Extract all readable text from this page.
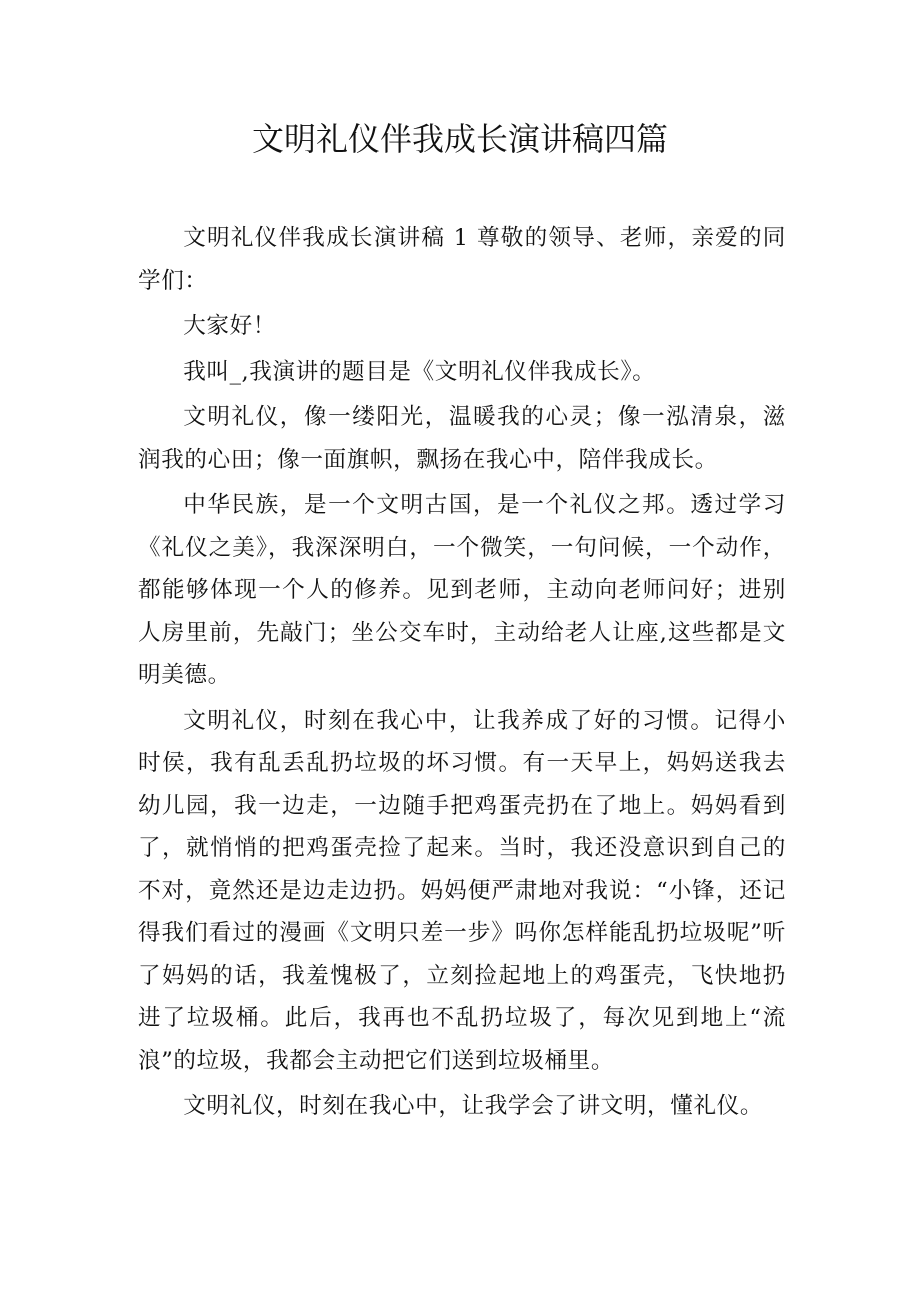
文明礼仪伴我成长演讲稿四篇

文明礼仪伴我成长演讲稿 1 尊敬的领导、老师，亲爱的同学们：

大家好！

我叫_,我演讲的题目是《文明礼仪伴我成长》。

文明礼仪，像一缕阳光，温暖我的心灵；像一泓清泉，滋润我的心田；像一面旗帜，飘扬在我心中，陪伴我成长。

中华民族，是一个文明古国，是一个礼仪之邦。透过学习《礼仪之美》，我深深明白，一个微笑，一句问候，一个动作，都能够体现一个人的修养。见到老师，主动向老师问好；进别人房里前，先敲门；坐公交车时，主动给老人让座,这些都是文明美德。

文明礼仪，时刻在我心中，让我养成了好的习惯。记得小时侯，我有乱丢乱扔垃圾的坏习惯。有一天早上，妈妈送我去幼儿园，我一边走，一边随手把鸡蛋壳扔在了地上。妈妈看到了，就悄悄的把鸡蛋壳捡了起来。当时，我还没意识到自己的不对，竟然还是边走边扔。妈妈便严肃地对我说：“小锋，还记得我们看过的漫画《文明只差一步》吗你怎样能乱扔垃圾呢”听了妈妈的话，我羞愧极了，立刻捡起地上的鸡蛋壳，飞快地扔进了垃圾桶。此后，我再也不乱扔垃圾了，每次见到地上“流浪”的垃圾，我都会主动把它们送到垃圾桶里。

文明礼仪，时刻在我心中，让我学会了讲文明，懂礼仪。
